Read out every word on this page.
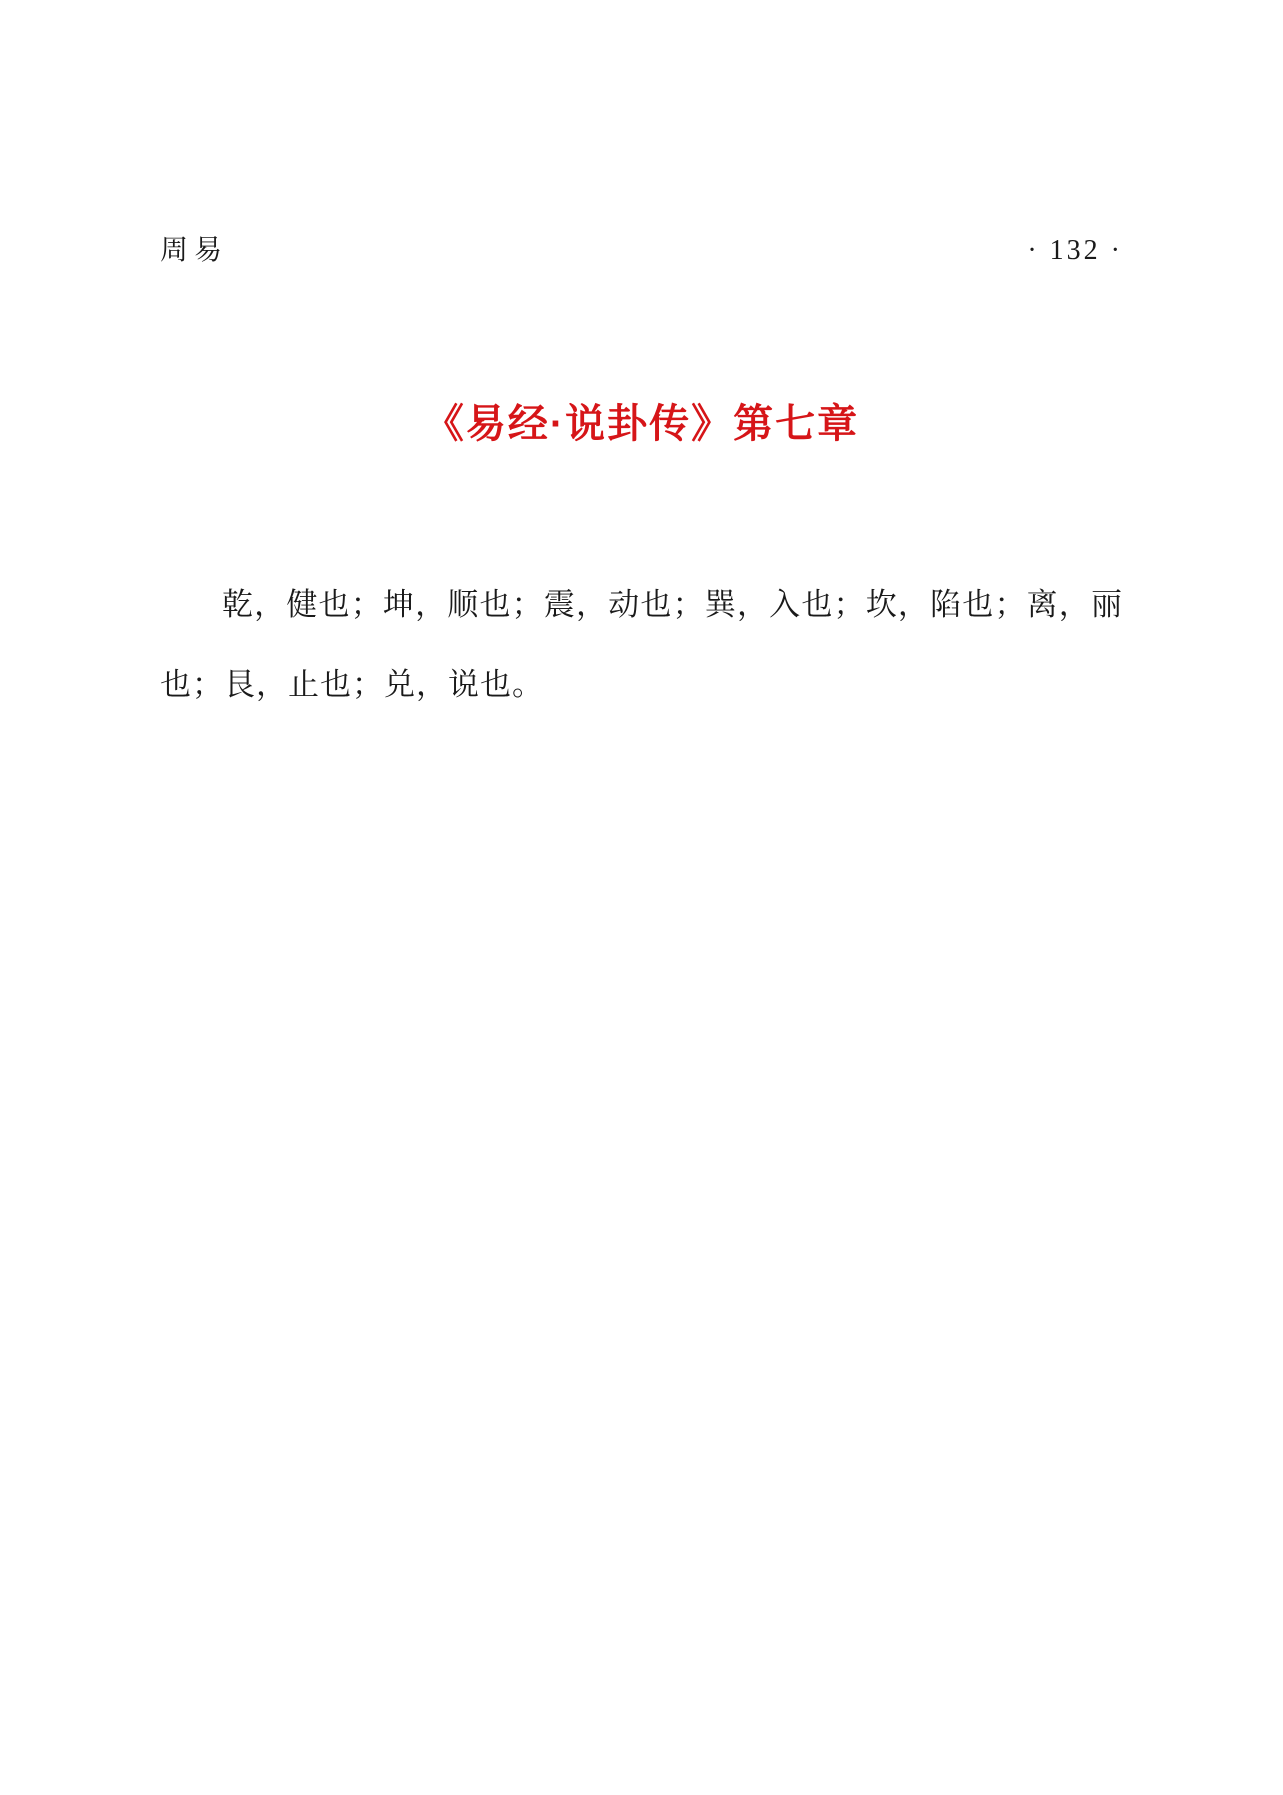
周易	· 132 ·
《易经·说卦传》第七章

乾，健也；坤，顺也；震，动也；巽，入也；坎，陷也；离，丽也；艮，止也；兑，说也。
